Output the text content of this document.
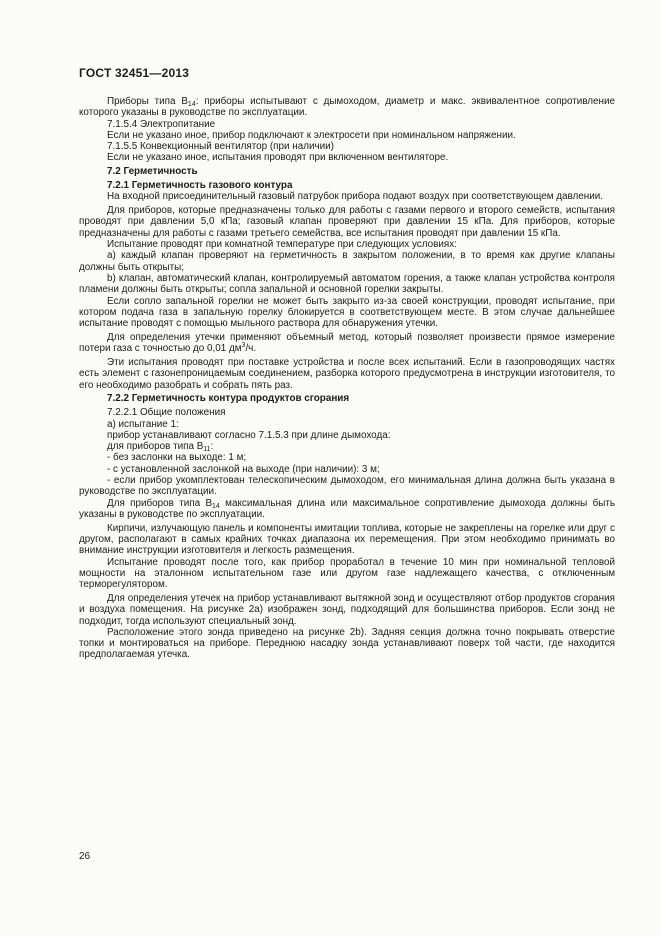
ГОСТ 32451—2013

Приборы типа $B_{14}$: приборы испытывают с дымоходом, диаметр и макс. эквивалентное сопротивление которого указаны в руководстве по эксплуатации.

7.1.5.4 Электропитание

Если не указано иное, прибор подключают к электросети при номинальном напряжении.

7.1.5.5 Конвекционный вентилятор (при наличии)

Если не указано иное, испытания проводят при включенном вентиляторе.

7.2 Герметичность

7.2.1 Герметичность газового контура

На входной присоединительный газовый патрубок прибора подают воздух при соответствующем давлении.

Для приборов, которые предназначены только для работы с газами первого и второго семейств, испытания проводят при давлении 5,0 кПа; газовый клапан проверяют при давлении 15 кПа. Для приборов, которые предназначены для работы с газами третьего семейства, все испытания проводят при давлении 15 кПа.

Испытание проводят при комнатной температуре при следующих условиях:

а) каждый клапан проверяют на герметичность в закрытом положении, в то время как другие клапаны должны быть открыты;

b) клапан, автоматический клапан, контролируемый автоматом горения, а также клапан устройства контроля пламени должны быть открыты; сопла запальной и основной горелки закрыты.

Если сопло запальной горелки не может быть закрыто из-за своей конструкции, проводят испытание, при котором подача газа в запальную горелку блокируется в соответствующем месте. В этом случае дальнейшее испытание проводят с помощью мыльного раствора для обнаружения утечки.

Для определения утечки применяют объемный метод, который позволяет произвести прямое измерение потери газа с точностью до 0,01 $дм^3/ч$.

Эти испытания проводят при поставке устройства и после всех испытаний. Если в газопроводящих частях есть элемент с газонепроницаемым соединением, разборка которого предусмотрена в инструкции изготовителя, то его необходимо разобрать и собрать пять раз.

7.2.2 Герметичность контура продуктов сгорания

7.2.2.1 Общие положения

а) испытание 1:

прибор устанавливают согласно 7.1.5.3 при длине дымохода:

для приборов типа $B_{11}$:

- без заслонки на выходе: 1 м;

- с установленной заслонкой на выходе (при наличии): 3 м;

- если прибор укомплектован телескопическим дымоходом, его минимальная длина должна быть указана в руководстве по эксплуатации.

Для приборов типа $B_{14}$ максимальная длина или максимальное сопротивление дымохода должны быть указаны в руководстве по эксплуатации.

Кирпичи, излучающую панель и компоненты имитации топлива, которые не закреплены на горелке или друг с другом, располагают в самых крайних точках диапазона их перемещения. При этом необходимо принимать во внимание инструкции изготовителя и легкость размещения.

Испытание проводят после того, как прибор проработал в течение 10 мин при номинальной тепловой мощности на эталонном испытательном газе или другом газе надлежащего качества, с отключенным терморегулятором.

Для определения утечек на прибор устанавливают вытяжной зонд и осуществляют отбор продуктов сгорания и воздуха помещения. На рисунке 2а) изображен зонд, подходящий для большинства приборов. Если зонд не подходит, тогда используют специальный зонд.

Расположение этого зонда приведено на рисунке 2b). Задняя секция должна точно покрывать отверстие топки и монтироваться на приборе. Переднюю насадку зонда устанавливают поверх той части, где находится предполагаемая утечка.

26
